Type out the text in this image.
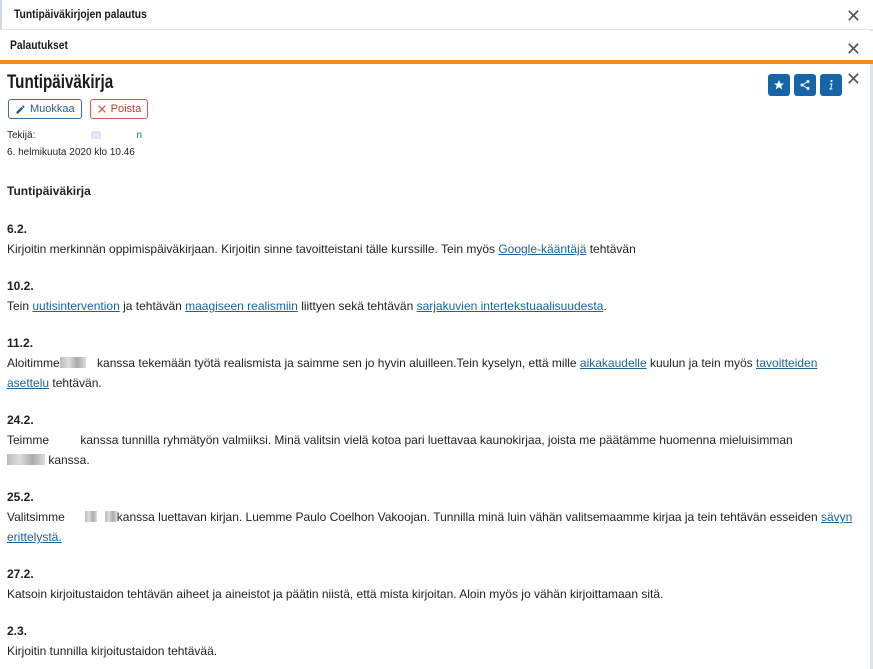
Tuntipäiväkirjojen palautus	✕
Palautukset	✕
Tuntipäiväkirja	✕
Muokkaa	Poista
Tekijä:	n
6. helmikuuta 2020 klo 10.46
Tuntipäiväkirja
6.2.

Kirjoitin merkinnän oppimispäiväkirjaan. Kirjoitin sinne tavoitteistani tälle kurssille. Tein myös Google-kääntäjä tehtävän

10.2.

Tein uutisintervention ja tehtävän maagiseen realismiin liittyen sekä tehtävän sarjakuvien intertekstuaalisuudesta.

11.2.

Aloitimme	kanssa tekemään työtä realismista ja saimme sen jo hyvin aluilleen.Tein kyselyn, että mille aikakaudelle kuulun ja tein myös tavoitteiden asettelu tehtävän.

24.2.

Teimme kanssa tunnilla ryhmätyön valmiiksi. Minä valitsin vielä kotoa pari luettavaa kaunokirjaa, joista me päätämme huomenna mieluisimman
kanssa.

25.2.

Valitsimme	kanssa luettavan kirjan. Luemme Paulo Coelhon Vakoojan. Tunnilla minä luin vähän valitsemaamme kirjaa ja tein tehtävän esseiden sävyn erittelystä.

27.2.

Katsoin kirjoitustaidon tehtävän aiheet ja aineistot ja päätin niistä, että mista kirjoitan. Aloin myös jo vähän kirjoittamaan sitä.

2.3.

Kirjoitin tunnilla kirjoitustaidon tehtävää.
